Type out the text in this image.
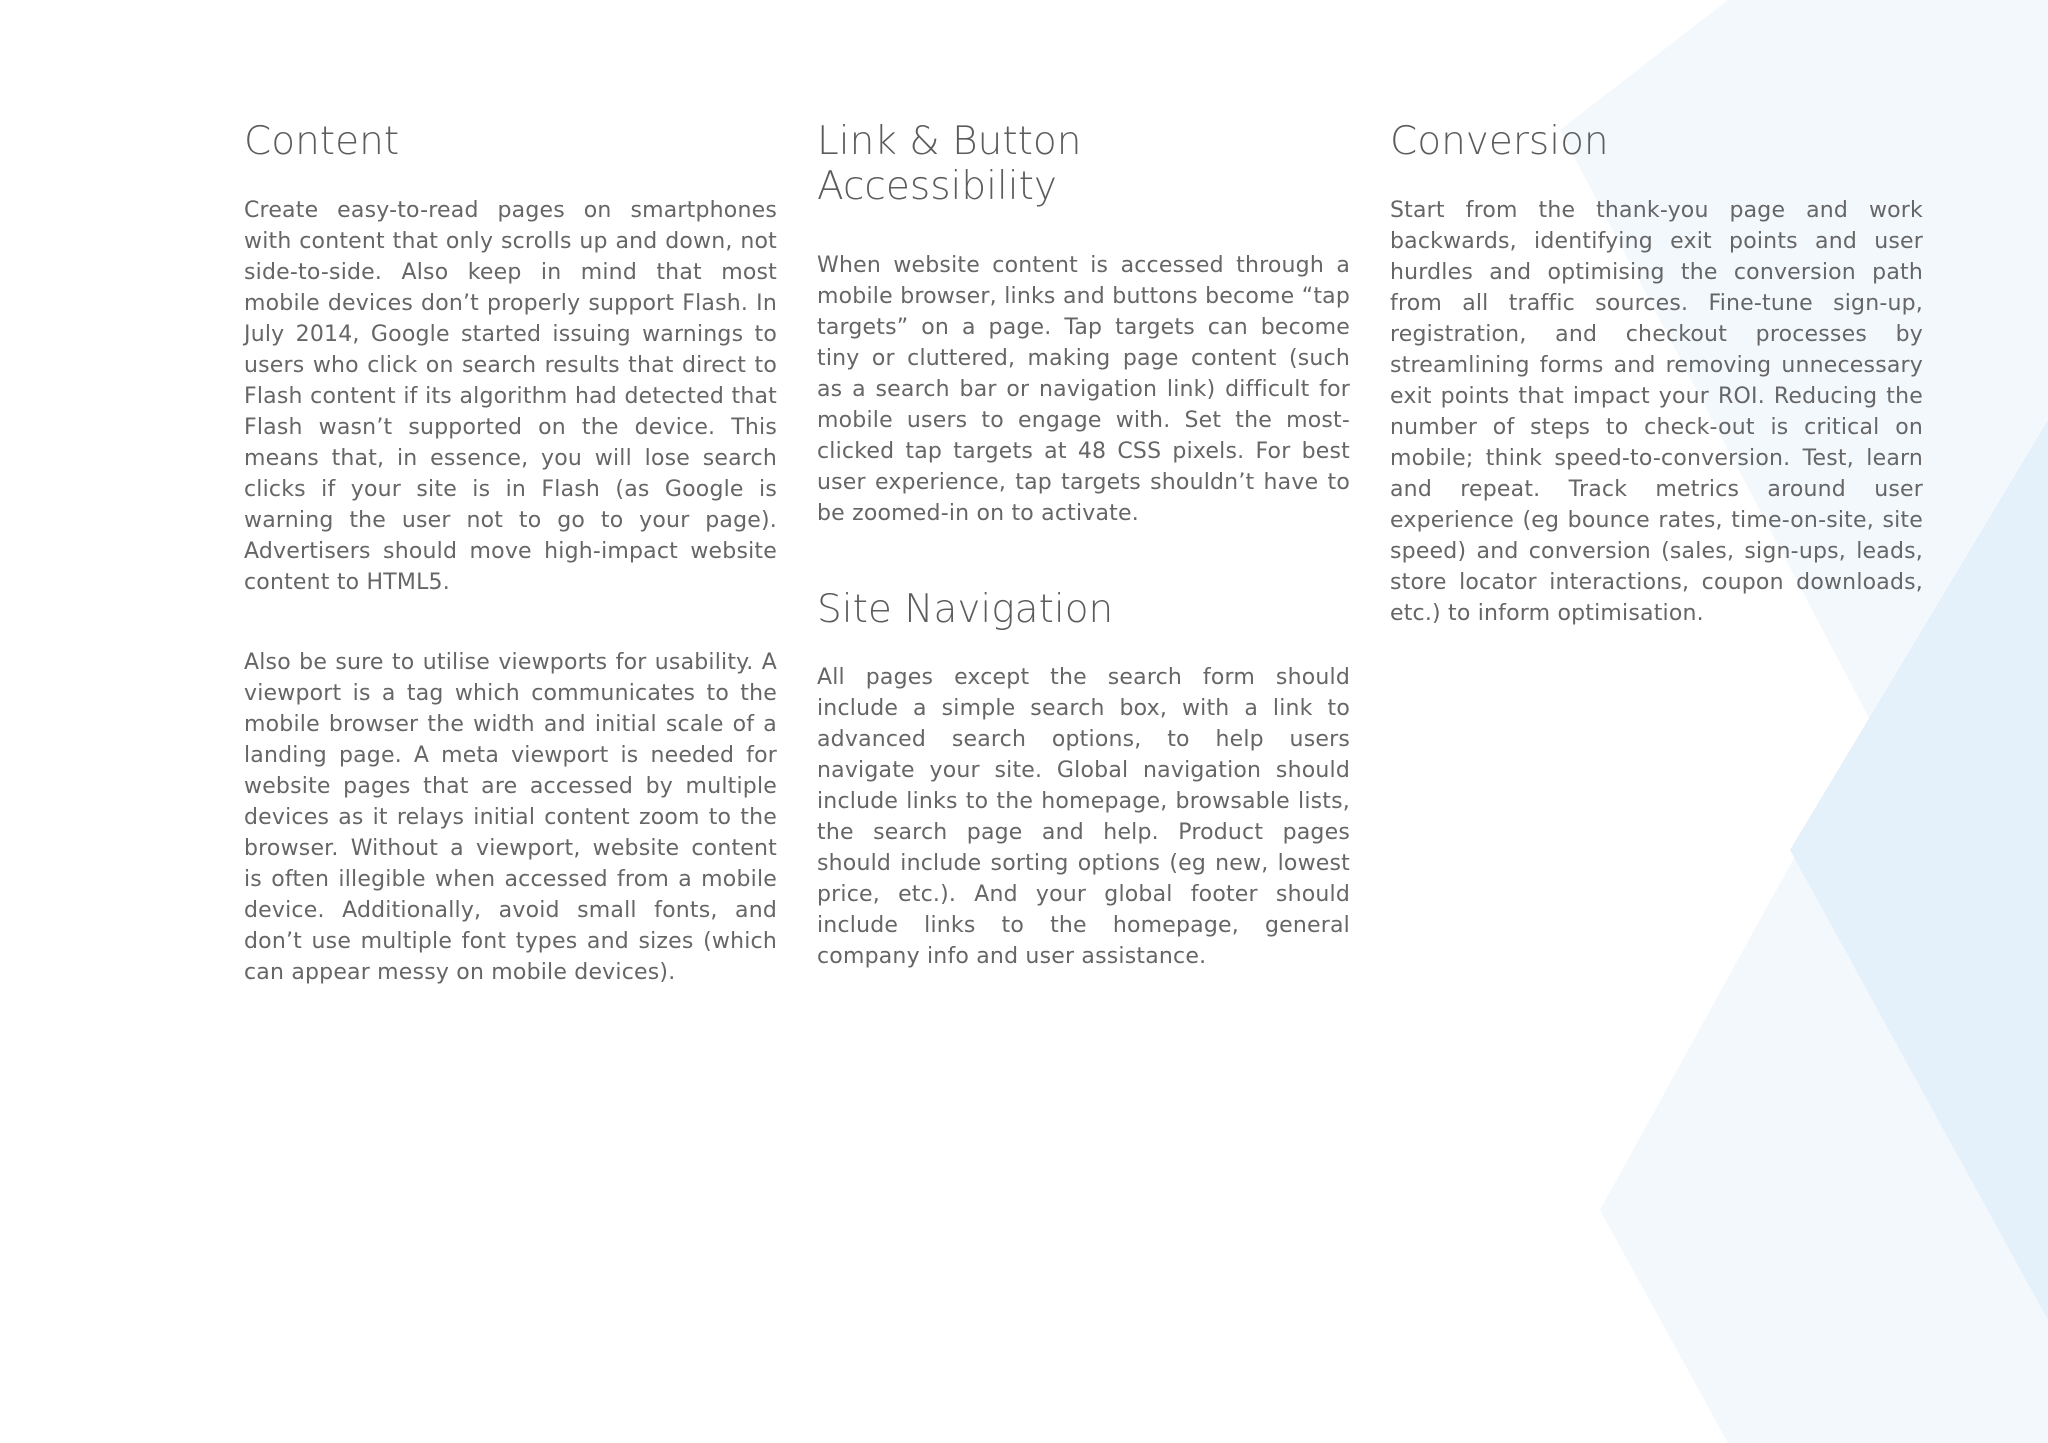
Content

Create easy-to-read pages on smartphones with content that only scrolls up and down, not side-to-side. Also keep in mind that most mobile devices don’t properly support Flash. In July 2014, Google started issuing warnings to users who click on search results that direct to Flash content if its algorithm had detected that Flash wasn’t supported on the device. This means that, in essence, you will lose search clicks if your site is in Flash (as Google is warning the user not to go to your page). Advertisers should move high-impact website content to HTML5.

Also be sure to utilise viewports for usability. A viewport is a tag which communicates to the mobile browser the width and initial scale of a landing page. A meta viewport is needed for website pages that are accessed by multiple devices as it relays initial content zoom to the browser. Without a viewport, website content is often illegible when accessed from a mobile device. Additionally, avoid small fonts, and don’t use multiple font types and sizes (which can appear messy on mobile devices).

Link & Button
Accessibility

When website content is accessed through a mobile browser, links and buttons become “tap targets” on a page. Tap targets can become tiny or cluttered, making page content (such as a search bar or navigation link) difficult for mobile users to engage with. Set the most-clicked tap targets at 48 CSS pixels. For best user experience, tap targets shouldn’t have to be zoomed-in on to activate.

Site Navigation

All pages except the search form should include a simple search box, with a link to advanced search options, to help users navigate your site. Global navigation should include links to the homepage, browsable lists, the search page and help. Product pages should include sorting options (eg new, lowest price, etc.). And your global footer should include links to the homepage, general company info and user assistance.

Conversion

Start from the thank-you page and work backwards, identifying exit points and user hurdles and optimising the conversion path from all traffic sources. Fine-tune sign-up, registration, and checkout processes by streamlining forms and removing unnecessary exit points that impact your ROI. Reducing the number of steps to check-out is critical on mobile; think speed-to-conversion. Test, learn and repeat. Track metrics around user experience (eg bounce rates, time-on-site, site speed) and conversion (sales, sign-ups, leads, store locator interactions, coupon downloads, etc.) to inform optimisation.
